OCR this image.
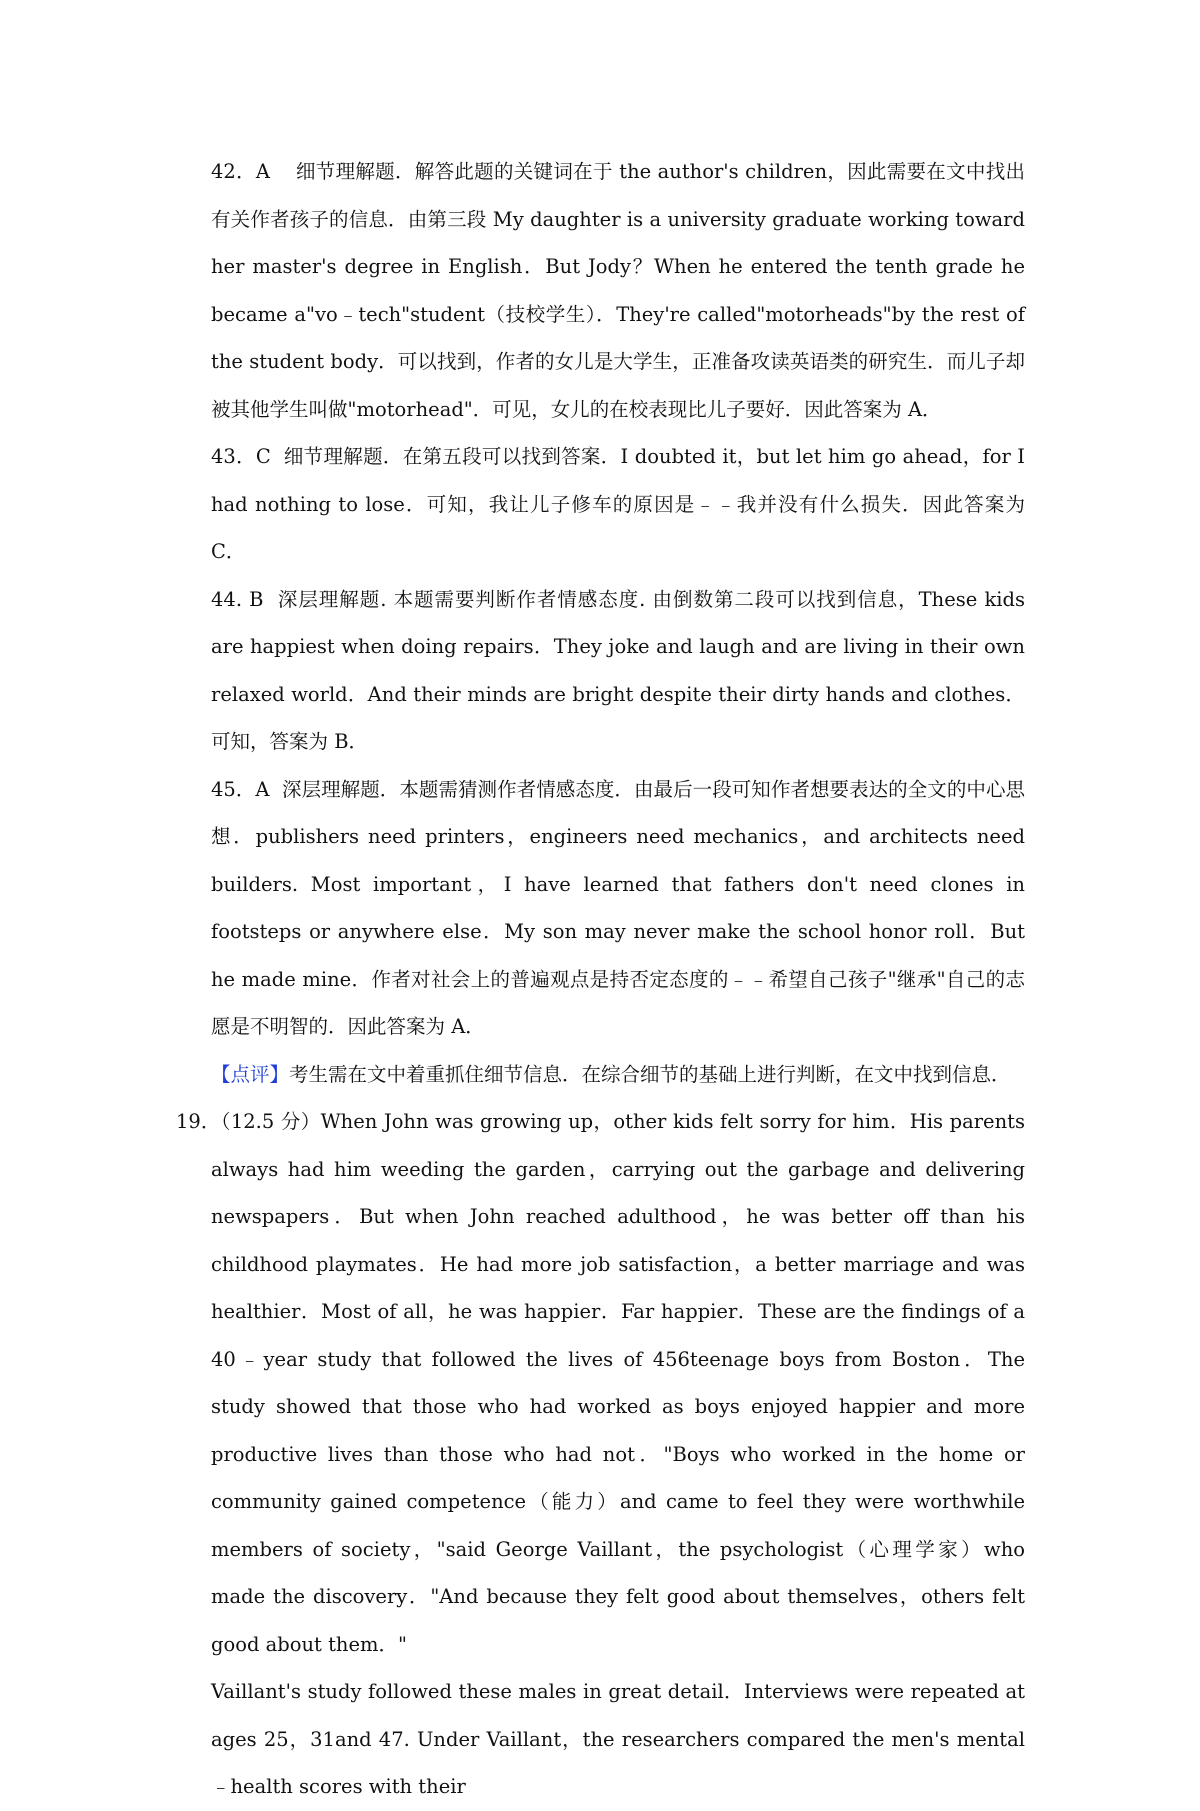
42．A 细节理解题．解答此题的关键词在于 the author's children，因此需要在文中找出有关作者孩子的信息．由第三段 My daughter is a university graduate working toward her master's degree in English．But Jody？When he entered the tenth grade he became a"vo﹣tech"student（技校学生）．They're called"motorheads"by the rest of the student body．可以找到，作者的女儿是大学生，正准备攻读英语类的研究生．而儿子却被其他学生叫做"motorhead"．可见，女儿的在校表现比儿子要好．因此答案为 A．

43．C 细节理解题．在第五段可以找到答案．I doubted it，but let him go ahead，for I had nothing to lose．可知，我让儿子修车的原因是﹣﹣我并没有什么损失．因此答案为 C．

44. B 深层理解题. 本题需要判断作者情感态度. 由倒数第二段可以找到信息，These kids are happiest when doing repairs．They joke and laugh and are living in their own relaxed world．And their minds are bright despite their dirty hands and clothes．可知，答案为 B．

45．A 深层理解题．本题需猜测作者情感态度．由最后一段可知作者想要表达的全文的中心思想．publishers need printers，engineers need mechanics，and architects need builders. Most important，I have learned that fathers don't need clones in footsteps or anywhere else．My son may never make the school honor roll．But he made mine．作者对社会上的普遍观点是持否定态度的﹣﹣希望自己孩子"继承"自己的志愿是不明智的．因此答案为 A．

【点评】考生需在文中着重抓住细节信息．在综合细节的基础上进行判断，在文中找到信息．

19．
（12.5 分）When John was growing up，other kids felt sorry for him．His parents always had him weeding the garden，carrying out the garbage and delivering newspapers．But when John reached adulthood，he was better off than his childhood playmates．He had more job satisfaction，a better marriage and was healthier．Most of all，he was happier．Far happier．These are the findings of a 40﹣year study that followed the lives of 456teenage boys from Boston．The study showed that those who had worked as boys enjoyed happier and more productive lives than those who had not．"Boys who worked in the home or community gained competence（能力）and came to feel they were worthwhile members of society，"said George Vaillant，the psychologist（心理学家）who made the discovery．"And because they felt good about themselves，others felt good about them．"

Vaillant's study followed these males in great detail．Interviews were repeated at ages 25，31and 47. Under Vaillant，the researchers compared the men's mental﹣health scores with their
